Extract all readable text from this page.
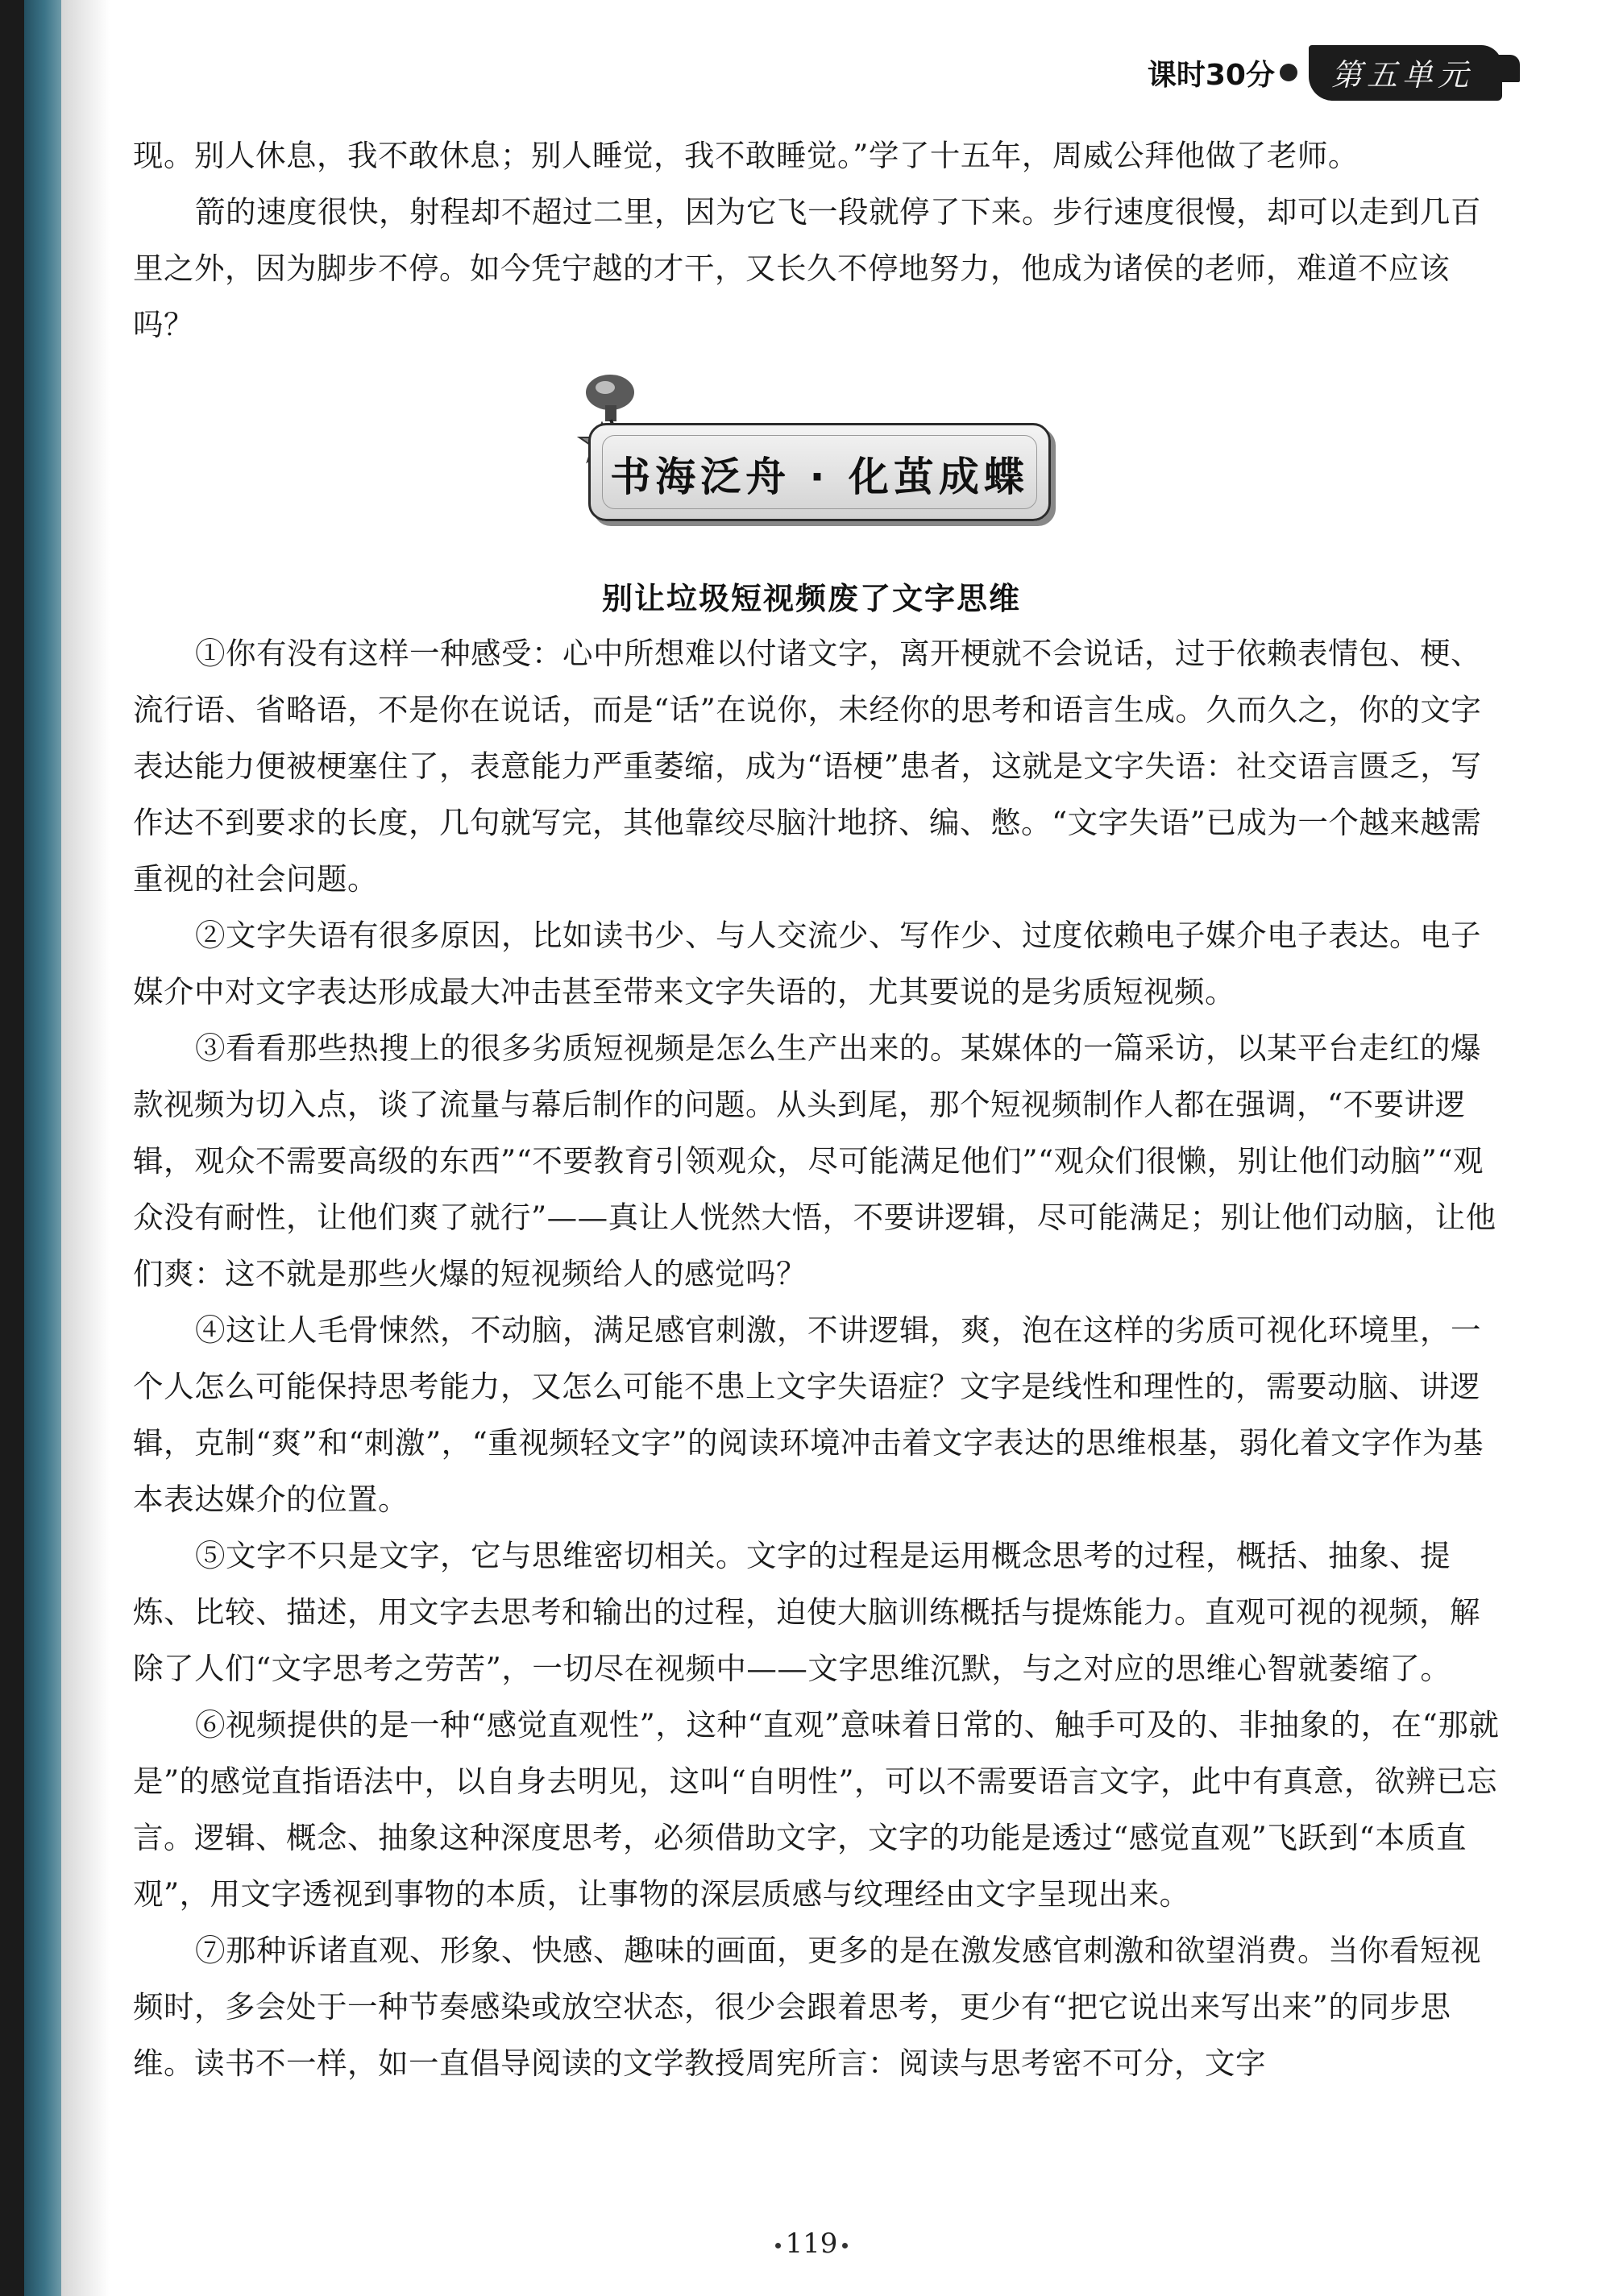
课时30分	第五单元

现。别人休息，我不敢休息；别人睡觉，我不敢睡觉。”学了十五年，周威公拜他做了老师。

箭的速度很快，射程却不超过二里，因为它飞一段就停了下来。步行速度很慢，却可以走到几百里之外，因为脚步不停。如今凭宁越的才干，又长久不停地努力，他成为诸侯的老师，难道不应该吗？

书海泛舟 · 化茧成蝶
别让垃圾短视频废了文字思维

①你有没有这样一种感受：心中所想难以付诸文字，离开梗就不会说话，过于依赖表情包、梗、流行语、省略语，不是你在说话，而是“话”在说你，未经你的思考和语言生成。久而久之，你的文字表达能力便被梗塞住了，表意能力严重萎缩，成为“语梗”患者，这就是文字失语：社交语言匮乏，写作达不到要求的长度，几句就写完，其他靠绞尽脑汁地挤、编、憋。“文字失语”已成为一个越来越需重视的社会问题。

②文字失语有很多原因，比如读书少、与人交流少、写作少、过度依赖电子媒介电子表达。电子媒介中对文字表达形成最大冲击甚至带来文字失语的，尤其要说的是劣质短视频。

③看看那些热搜上的很多劣质短视频是怎么生产出来的。某媒体的一篇采访，以某平台走红的爆款视频为切入点，谈了流量与幕后制作的问题。从头到尾，那个短视频制作人都在强调，“不要讲逻辑，观众不需要高级的东西”“不要教育引领观众，尽可能满足他们”“观众们很懒，别让他们动脑”“观众没有耐性，让他们爽了就行”——真让人恍然大悟，不要讲逻辑，尽可能满足；别让他们动脑，让他们爽：这不就是那些火爆的短视频给人的感觉吗？

④这让人毛骨悚然，不动脑，满足感官刺激，不讲逻辑，爽，泡在这样的劣质可视化环境里，一个人怎么可能保持思考能力，又怎么可能不患上文字失语症？文字是线性和理性的，需要动脑、讲逻辑，克制“爽”和“刺激”，“重视频轻文字”的阅读环境冲击着文字表达的思维根基，弱化着文字作为基本表达媒介的位置。

⑤文字不只是文字，它与思维密切相关。文字的过程是运用概念思考的过程，概括、抽象、提炼、比较、描述，用文字去思考和输出的过程，迫使大脑训练概括与提炼能力。直观可视的视频，解除了人们“文字思考之劳苦”，一切尽在视频中——文字思维沉默，与之对应的思维心智就萎缩了。

⑥视频提供的是一种“感觉直观性”，这种“直观”意味着日常的、触手可及的、非抽象的，在“那就是”的感觉直指语法中，以自身去明见，这叫“自明性”，可以不需要语言文字，此中有真意，欲辨已忘言。逻辑、概念、抽象这种深度思考，必须借助文字，文字的功能是透过“感觉直观”飞跃到“本质直观”，用文字透视到事物的本质，让事物的深层质感与纹理经由文字呈现出来。

⑦那种诉诸直观、形象、快感、趣味的画面，更多的是在激发感官刺激和欲望消费。当你看短视频时，多会处于一种节奏感染或放空状态，很少会跟着思考，更少有“把它说出来写出来”的同步思维。读书不一样，如一直倡导阅读的文学教授周宪所言：阅读与思考密不可分，文字

119
